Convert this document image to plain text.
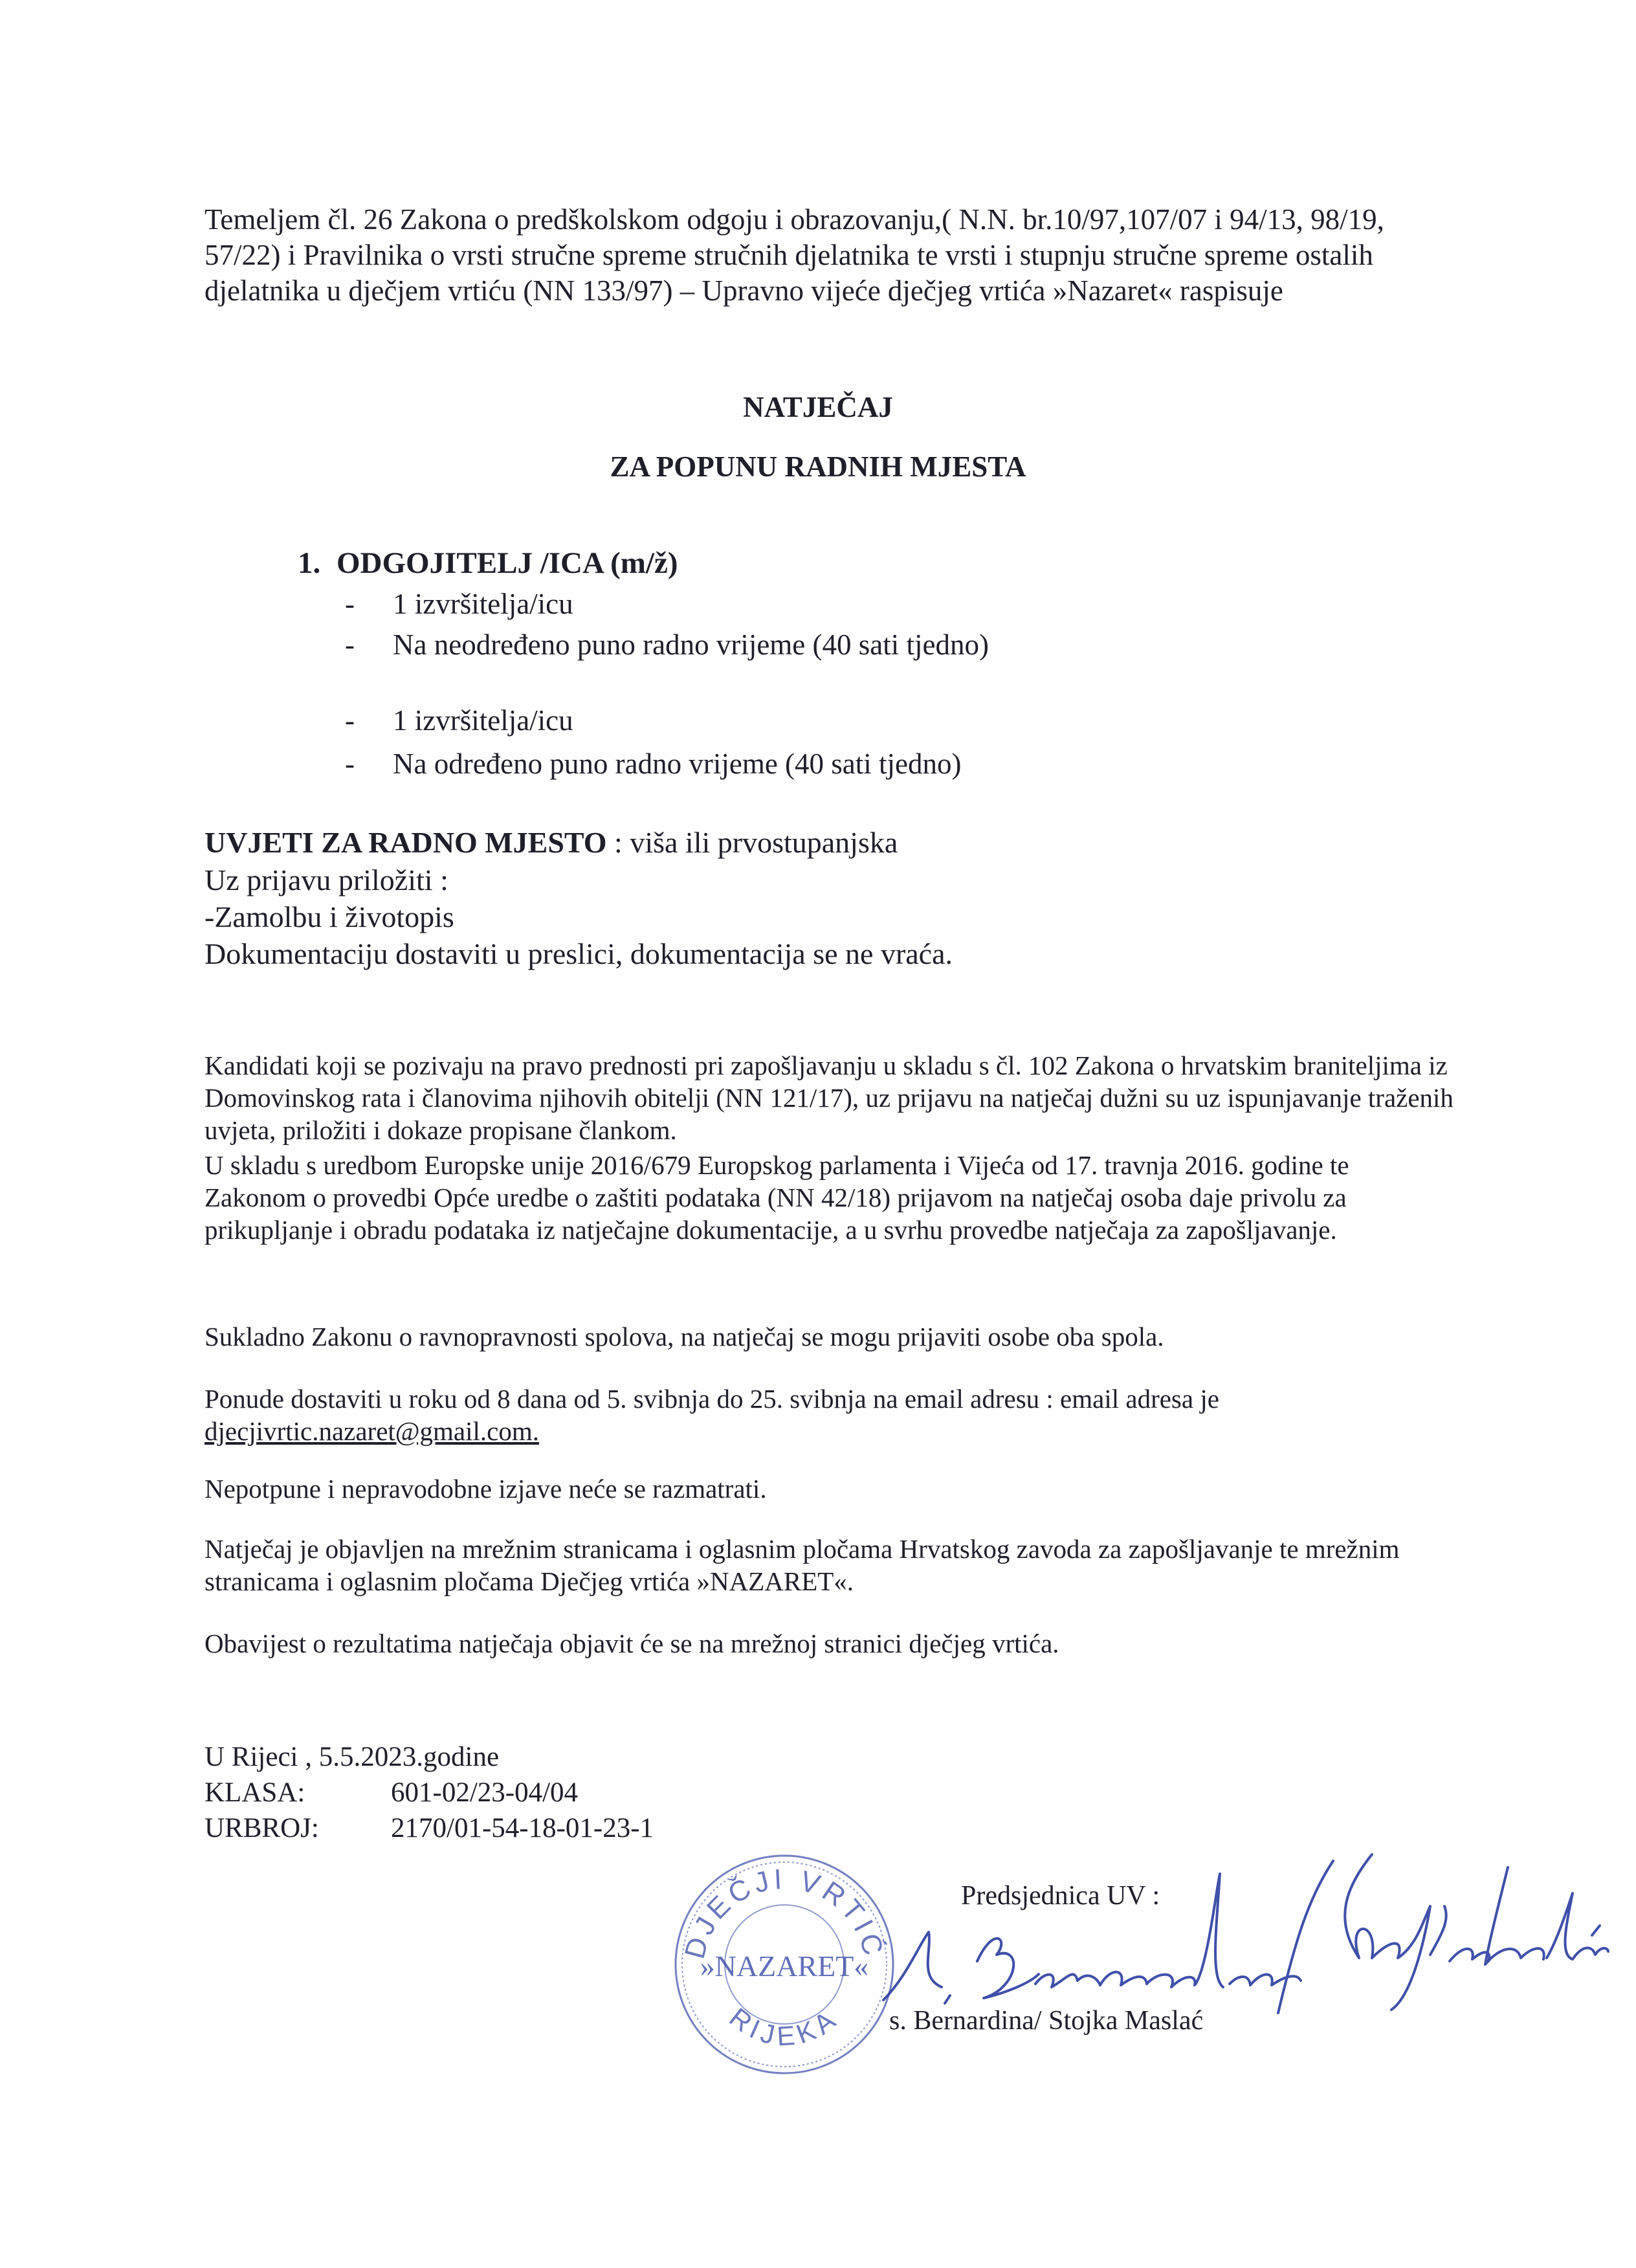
Temeljem čl. 26 Zakona o predškolskom odgoju i obrazovanju,( N.N. br.10/97,107/07 i 94/13, 98/19, 57/22) i Pravilnika o vrsti stručne spreme stručnih djelatnika te vrsti i stupnju stručne spreme ostalih djelatnika u dječjem vrtiću (NN 133/97) – Upravno vijeće dječjeg vrtića »Nazaret« raspisuje

NATJEČAJ

ZA POPUNU RADNIH MJESTA

1. ODGOJITELJ /ICA (m/ž)

- 1 izvršitelja/icu

- Na neodređeno puno radno vrijeme (40 sati tjedno)

- 1 izvršitelja/icu

- Na određeno puno radno vrijeme (40 sati tjedno)

UVJETI ZA RADNO MJESTO : viša ili prvostupanjska

Uz prijavu priložiti :

-Zamolbu i životopis

Dokumentaciju dostaviti u preslici, dokumentacija se ne vraća.

Kandidati koji se pozivaju na pravo prednosti pri zapošljavanju u skladu s čl. 102 Zakona o hrvatskim braniteljima iz Domovinskog rata i članovima njihovih obitelji (NN 121/17), uz prijavu na natječaj dužni su uz ispunjavanje traženih uvjeta, priložiti i dokaze propisane člankom.

U skladu s uredbom Europske unije 2016/679 Europskog parlamenta i Vijeća od 17. travnja 2016. godine te Zakonom o provedbi Opće uredbe o zaštiti podataka (NN 42/18) prijavom na natječaj osoba daje privolu za prikupljanje i obradu podataka iz natječajne dokumentacije, a u svrhu provedbe natječaja za zapošljavanje.

Sukladno Zakonu o ravnopravnosti spolova, na natječaj se mogu prijaviti osobe oba spola.

Ponude dostaviti u roku od 8 dana od 5. svibnja do 25. svibnja na email adresu : email adresa je
djecjivrtic.nazaret@gmail.com.

Nepotpune i nepravodobne izjave neće se razmatrati.

Natječaj je objavljen na mrežnim stranicama i oglasnim pločama Hrvatskog zavoda za zapošljavanje te mrežnim stranicama i oglasnim pločama Dječjeg vrtića »NAZARET«.

Obavijest o rezultatima natječaja objavit će se na mrežnoj stranici dječjeg vrtića.

U Rijeci , 5.5.2023.godine

KLASA:	601-02/23-04/04

URBROJ:	2170/01-54-18-01-23-1

DJEČJI VRTIĆ
»NAZARET«
RIJEKA

Predsjednica UV :

s. Bernardina/ Stojka Maslać
